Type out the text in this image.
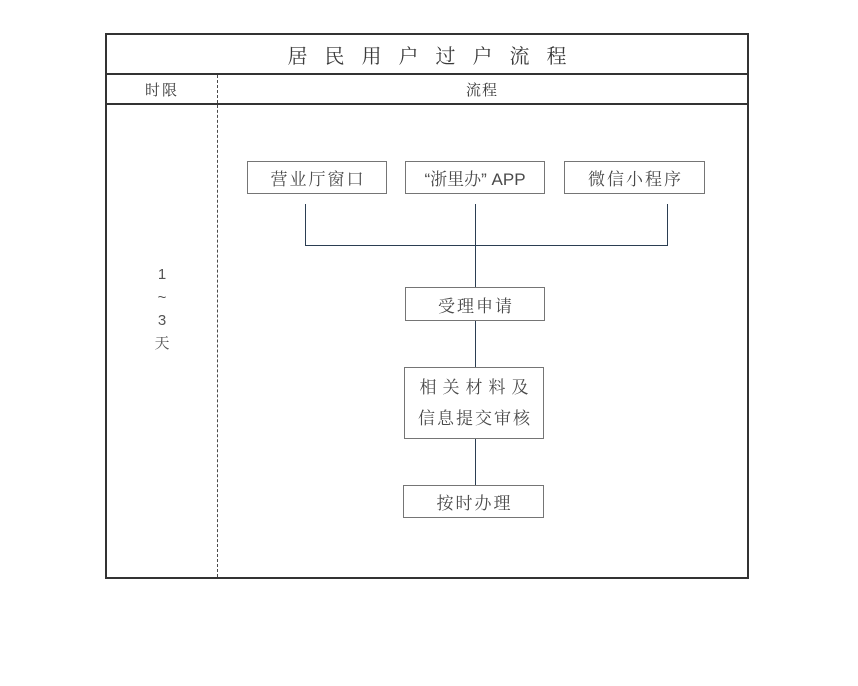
居民用户过户流程
时限	流程
1
~
3
天
营业厅窗口	“浙里办” APP	微信小程序
受理申请
相关材料及
信息提交审核
按时办理
